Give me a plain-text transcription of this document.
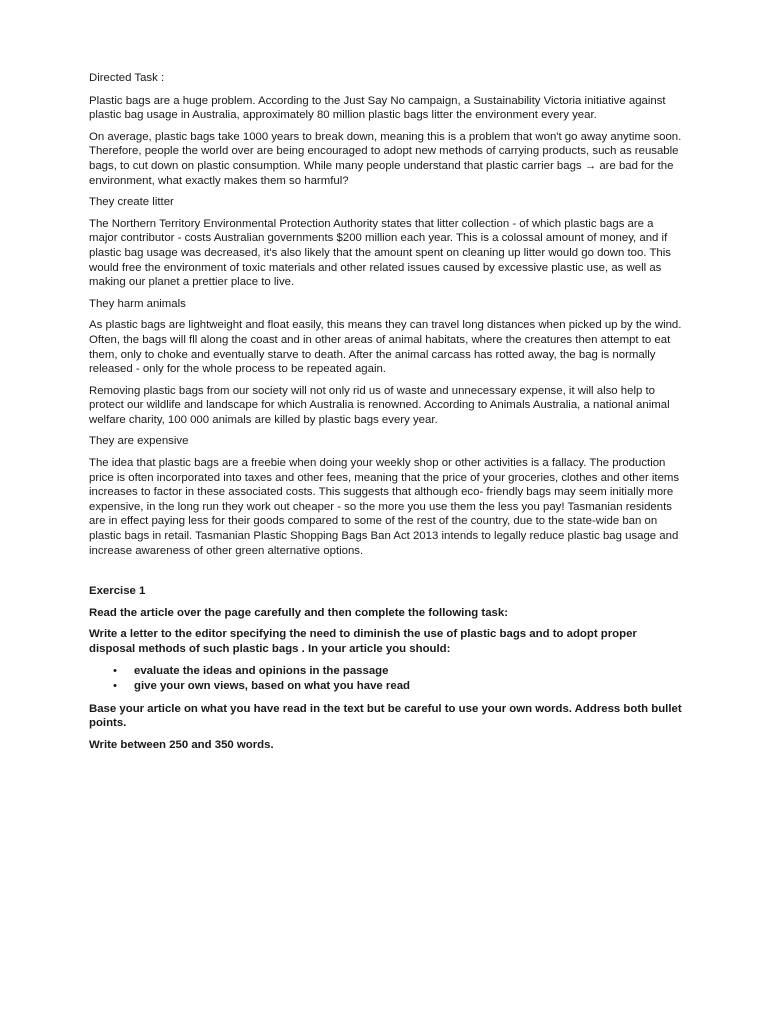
Directed Task :

Plastic bags are a huge problem. According to the Just Say No campaign, a Sustainability Victoria initiative against plastic bag usage in Australia, approximately 80 million plastic bags litter the environment every year.

On average, plastic bags take 1000 years to break down, meaning this is a problem that won't go away anytime soon. Therefore, people the world over are being encouraged to adopt new methods of carrying products, such as reusable bags, to cut down on plastic consumption. While many people understand that plastic carrier bags → are bad for the environment, what exactly makes them so harmful?

They create litter

The Northern Territory Environmental Protection Authority states that litter collection - of which plastic bags are a major contributor - costs Australian governments $200 million each year. This is a colossal amount of money, and if plastic bag usage was decreased, it's also likely that the amount spent on cleaning up litter would go down too. This would free the environment of toxic materials and other related issues caused by excessive plastic use, as well as making our planet a prettier place to live.

They harm animals

As plastic bags are lightweight and float easily, this means they can travel long distances when picked up by the wind. Often, the bags will fll along the coast and in other areas of animal habitats, where the creatures then attempt to eat them, only to choke and eventually starve to death. After the animal carcass has rotted away, the bag is normally released - only for the whole process to be repeated again.

Removing plastic bags from our society will not only rid us of waste and unnecessary expense, it will also help to protect our wildlife and landscape for which Australia is renowned. According to Animals Australia, a national animal welfare charity, 100 000 animals are killed by plastic bags every year.

They are expensive

The idea that plastic bags are a freebie when doing your weekly shop or other activities is a fallacy. The production price is often incorporated into taxes and other fees, meaning that the price of your groceries, clothes and other items increases to factor in these associated costs. This suggests that although eco- friendly bags may seem initially more expensive, in the long run they work out cheaper - so the more you use them the less you pay! Tasmanian residents are in effect paying less for their goods compared to some of the rest of the country, due to the state-wide ban on plastic bags in retail. Tasmanian Plastic Shopping Bags Ban Act 2013 intends to legally reduce plastic bag usage and increase awareness of other green alternative options.

Exercise 1

Read the article over the page carefully and then complete the following task:

Write a letter to the editor specifying the need to diminish the use of plastic bags and to adopt proper disposal methods of such plastic bags . In your article you should:

• evaluate the ideas and opinions in the passage
• give your own views, based on what you have read

Base your article on what you have read in the text but be careful to use your own words. Address both bullet points.

Write between 250 and 350 words.
